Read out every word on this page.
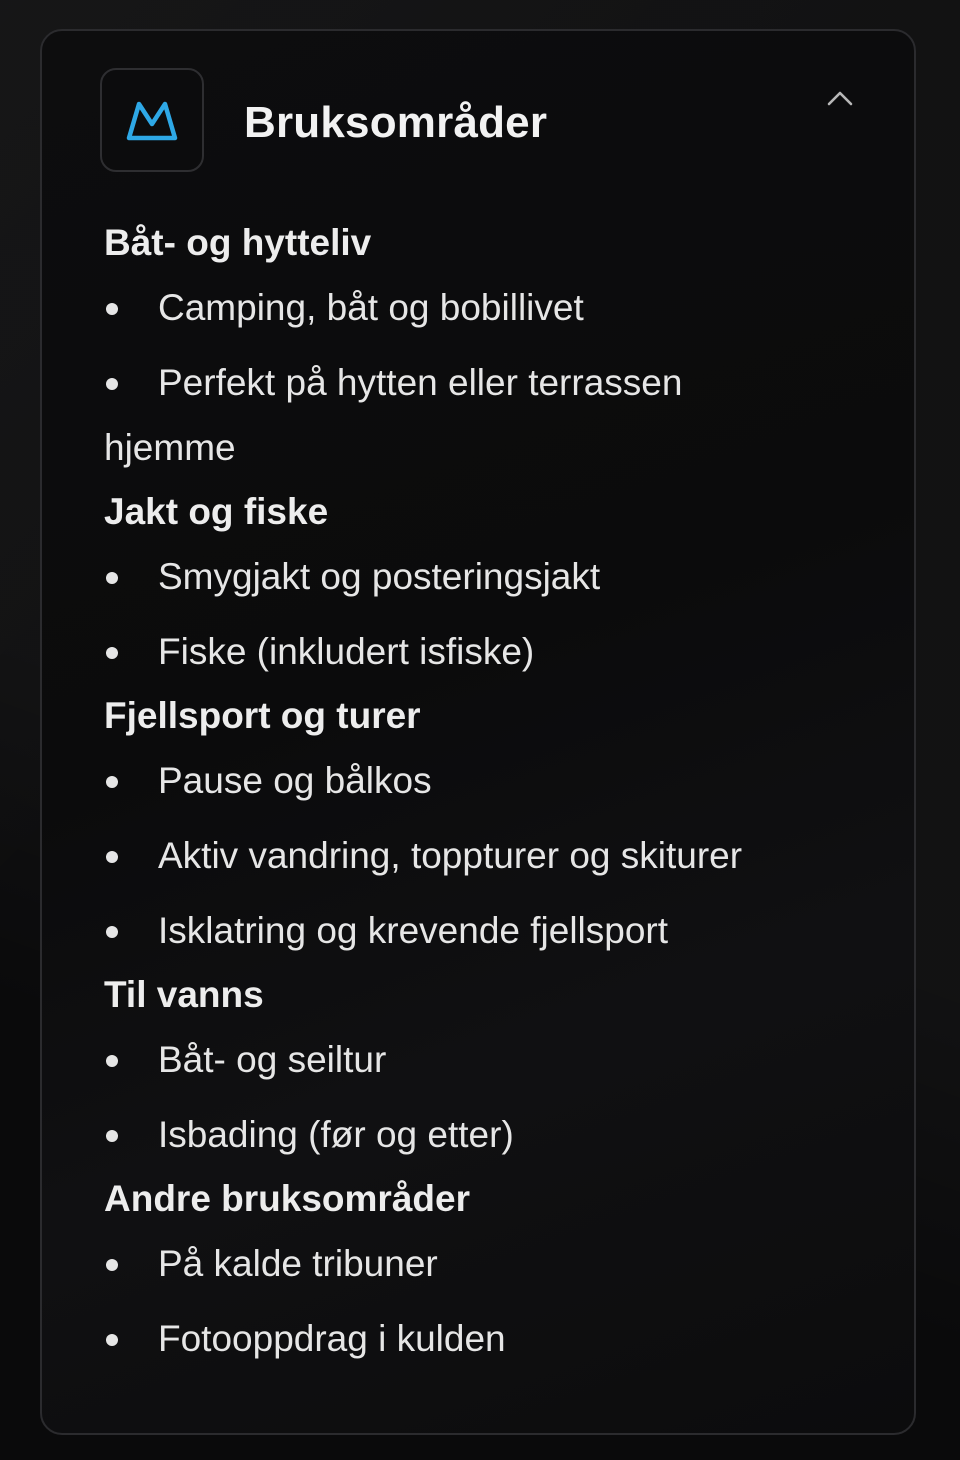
Bruksområder
Båt- og hytteliv
Camping, båt og bobillivet
Perfekt på hytten eller terrassen
hjemme
Jakt og fiske
Smygjakt og posteringsjakt
Fiske (inkludert isfiske)
Fjellsport og turer
Pause og bålkos
Aktiv vandring, toppturer og skiturer
Isklatring og krevende fjellsport
Til vanns
Båt- og seiltur
Isbading (før og etter)
Andre bruksområder
På kalde tribuner
Fotooppdrag i kulden
